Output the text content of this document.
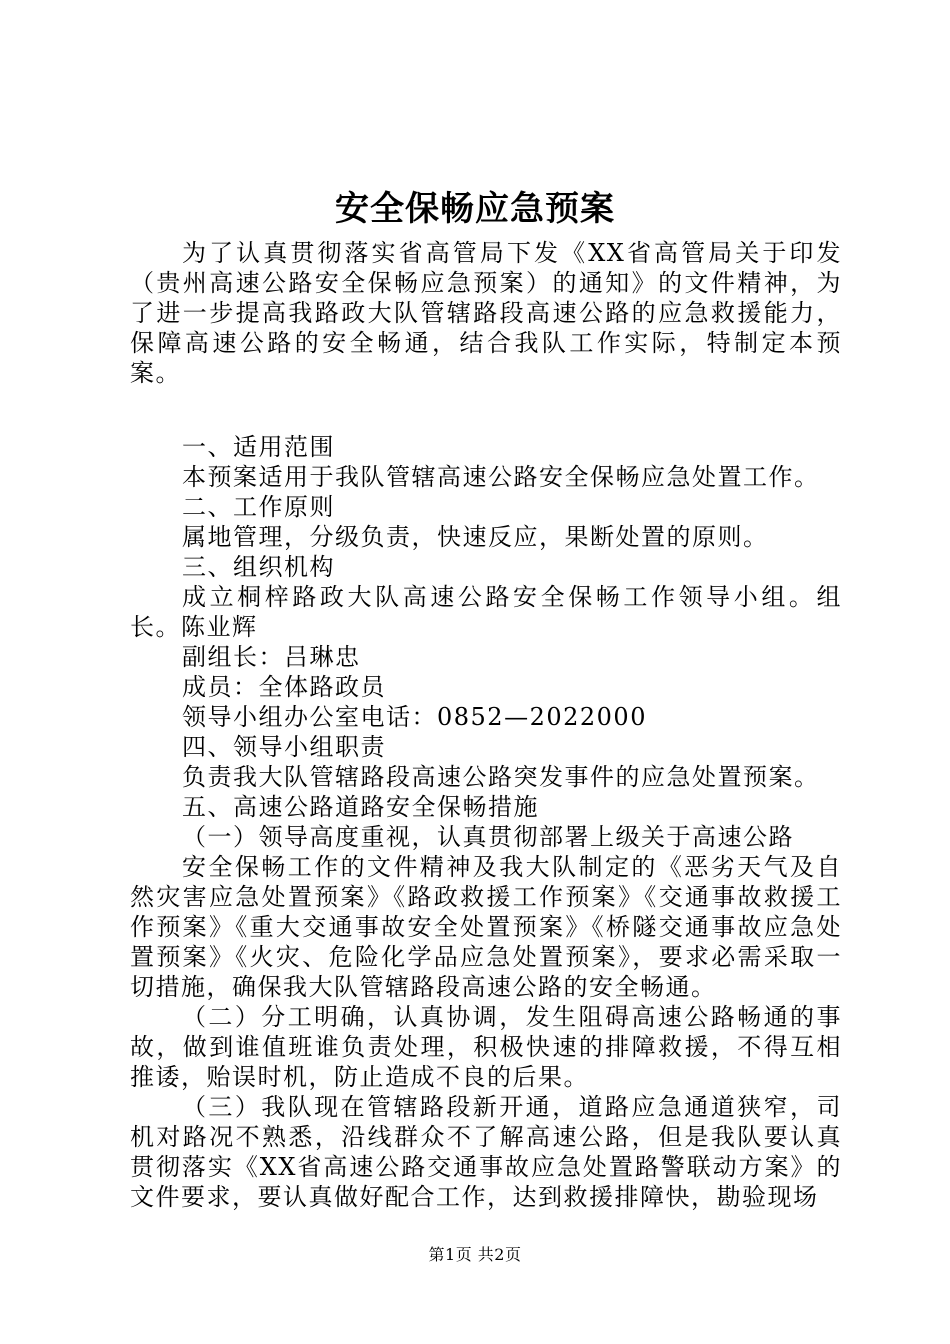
安全保畅应急预案

为了认真贯彻落实省高管局下发《XX省高管局关于印发（贵州高速公路安全保畅应急预案）的通知》的文件精神，为了进一步提高我路政大队管辖路段高速公路的应急救援能力，保障高速公路的安全畅通，结合我队工作实际，特制定本预案。

一、适用范围

本预案适用于我队管辖高速公路安全保畅应急处置工作。

二、工作原则

属地管理，分级负责，快速反应，果断处置的原则。

三、组织机构

成立桐梓路政大队高速公路安全保畅工作领导小组。组长。陈业辉

副组长：吕琳忠

成员：全体路政员

领导小组办公室电话：0852—2022000

四、领导小组职责

负责我大队管辖路段高速公路突发事件的应急处置预案。

五、高速公路道路安全保畅措施

（一）领导高度重视，认真贯彻部署上级关于高速公路

安全保畅工作的文件精神及我大队制定的《恶劣天气及自然灾害应急处置预案》《路政救援工作预案》《交通事故救援工作预案》《重大交通事故安全处置预案》《桥隧交通事故应急处置预案》《火灾、危险化学品应急处置预案》，要求必需采取一切措施，确保我大队管辖路段高速公路的安全畅通。

（二）分工明确，认真协调，发生阻碍高速公路畅通的事故，做到谁值班谁负责处理，积极快速的排障救援，不得互相推诿，贻误时机，防止造成不良的后果。

（三）我队现在管辖路段新开通，道路应急通道狭窄，司机对路况不熟悉，沿线群众不了解高速公路，但是我队要认真贯彻落实《XX省高速公路交通事故应急处置路警联动方案》的文件要求，要认真做好配合工作，达到救援排障快，勘验现场

第1页 共2页
